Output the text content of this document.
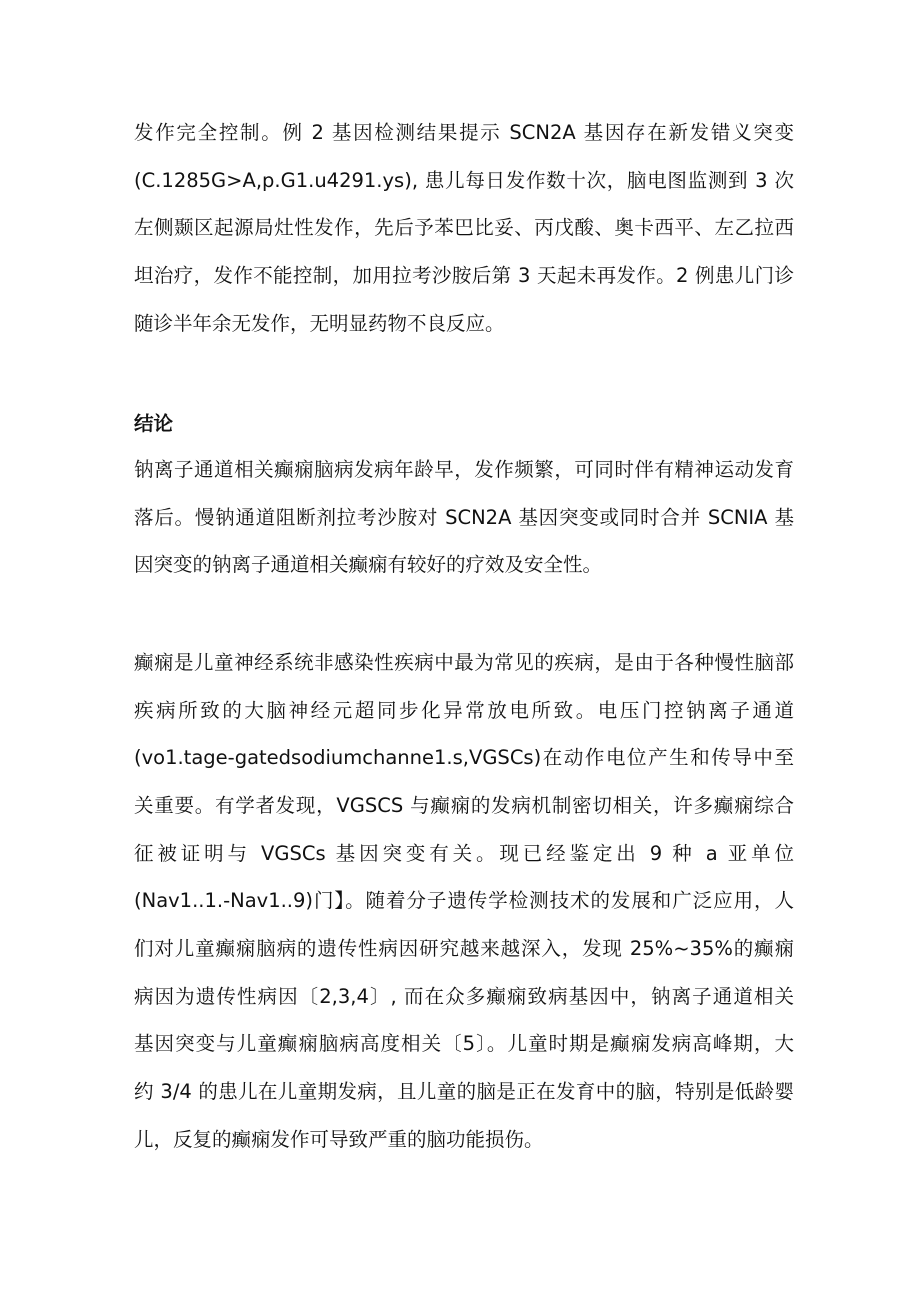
发作完全控制。例 2 基因检测结果提示 SCN2A 基因存在新发错义突变
(C.1285G>A,p.G1.u4291.ys), 患儿每日发作数十次，脑电图监测到 3 次
左侧颞区起源局灶性发作，先后予苯巴比妥、丙戊酸、奥卡西平、左乙拉西
坦治疗，发作不能控制，加用拉考沙胺后第 3 天起未再发作。2 例患儿门诊
随诊半年余无发作，无明显药物不良反应。
结论
钠离子通道相关癫痫脑病发病年龄早，发作频繁，可同时伴有精神运动发育
落后。慢钠通道阻断剂拉考沙胺对 SCN2A 基因突变或同时合并 SCNIA 基
因突变的钠离子通道相关癫痫有较好的疗效及安全性。
癫痫是儿童神经系统非感染性疾病中最为常见的疾病，是由于各种慢性脑部
疾病所致的大脑神经元超同步化异常放电所致。电压门控钠离子通道
(vo1.tage-gatedsodiumchanne1.s,VGSCs)在动作电位产生和传导中至
关重要。有学者发现，VGSCS 与癫痫的发病机制密切相关，许多癫痫综合
征被证明与 VGSCs 基因突变有关。现已经鉴定出 9 种 a 亚单位
(Nav1..1.-Nav1..9)门】。随着分子遗传学检测技术的发展和广泛应用，人
们对儿童癫痫脑病的遗传性病因研究越来越深入，发现 25%~35%的癫痫
病因为遗传性病因〔2,3,4〕, 而在众多癫痫致病基因中，钠离子通道相关
基因突变与儿童癫痫脑病高度相关〔5〕。儿童时期是癫痫发病高峰期，大
约 3/4 的患儿在儿童期发病，且儿童的脑是正在发育中的脑，特别是低龄婴
儿，反复的癫痫发作可导致严重的脑功能损伤。
